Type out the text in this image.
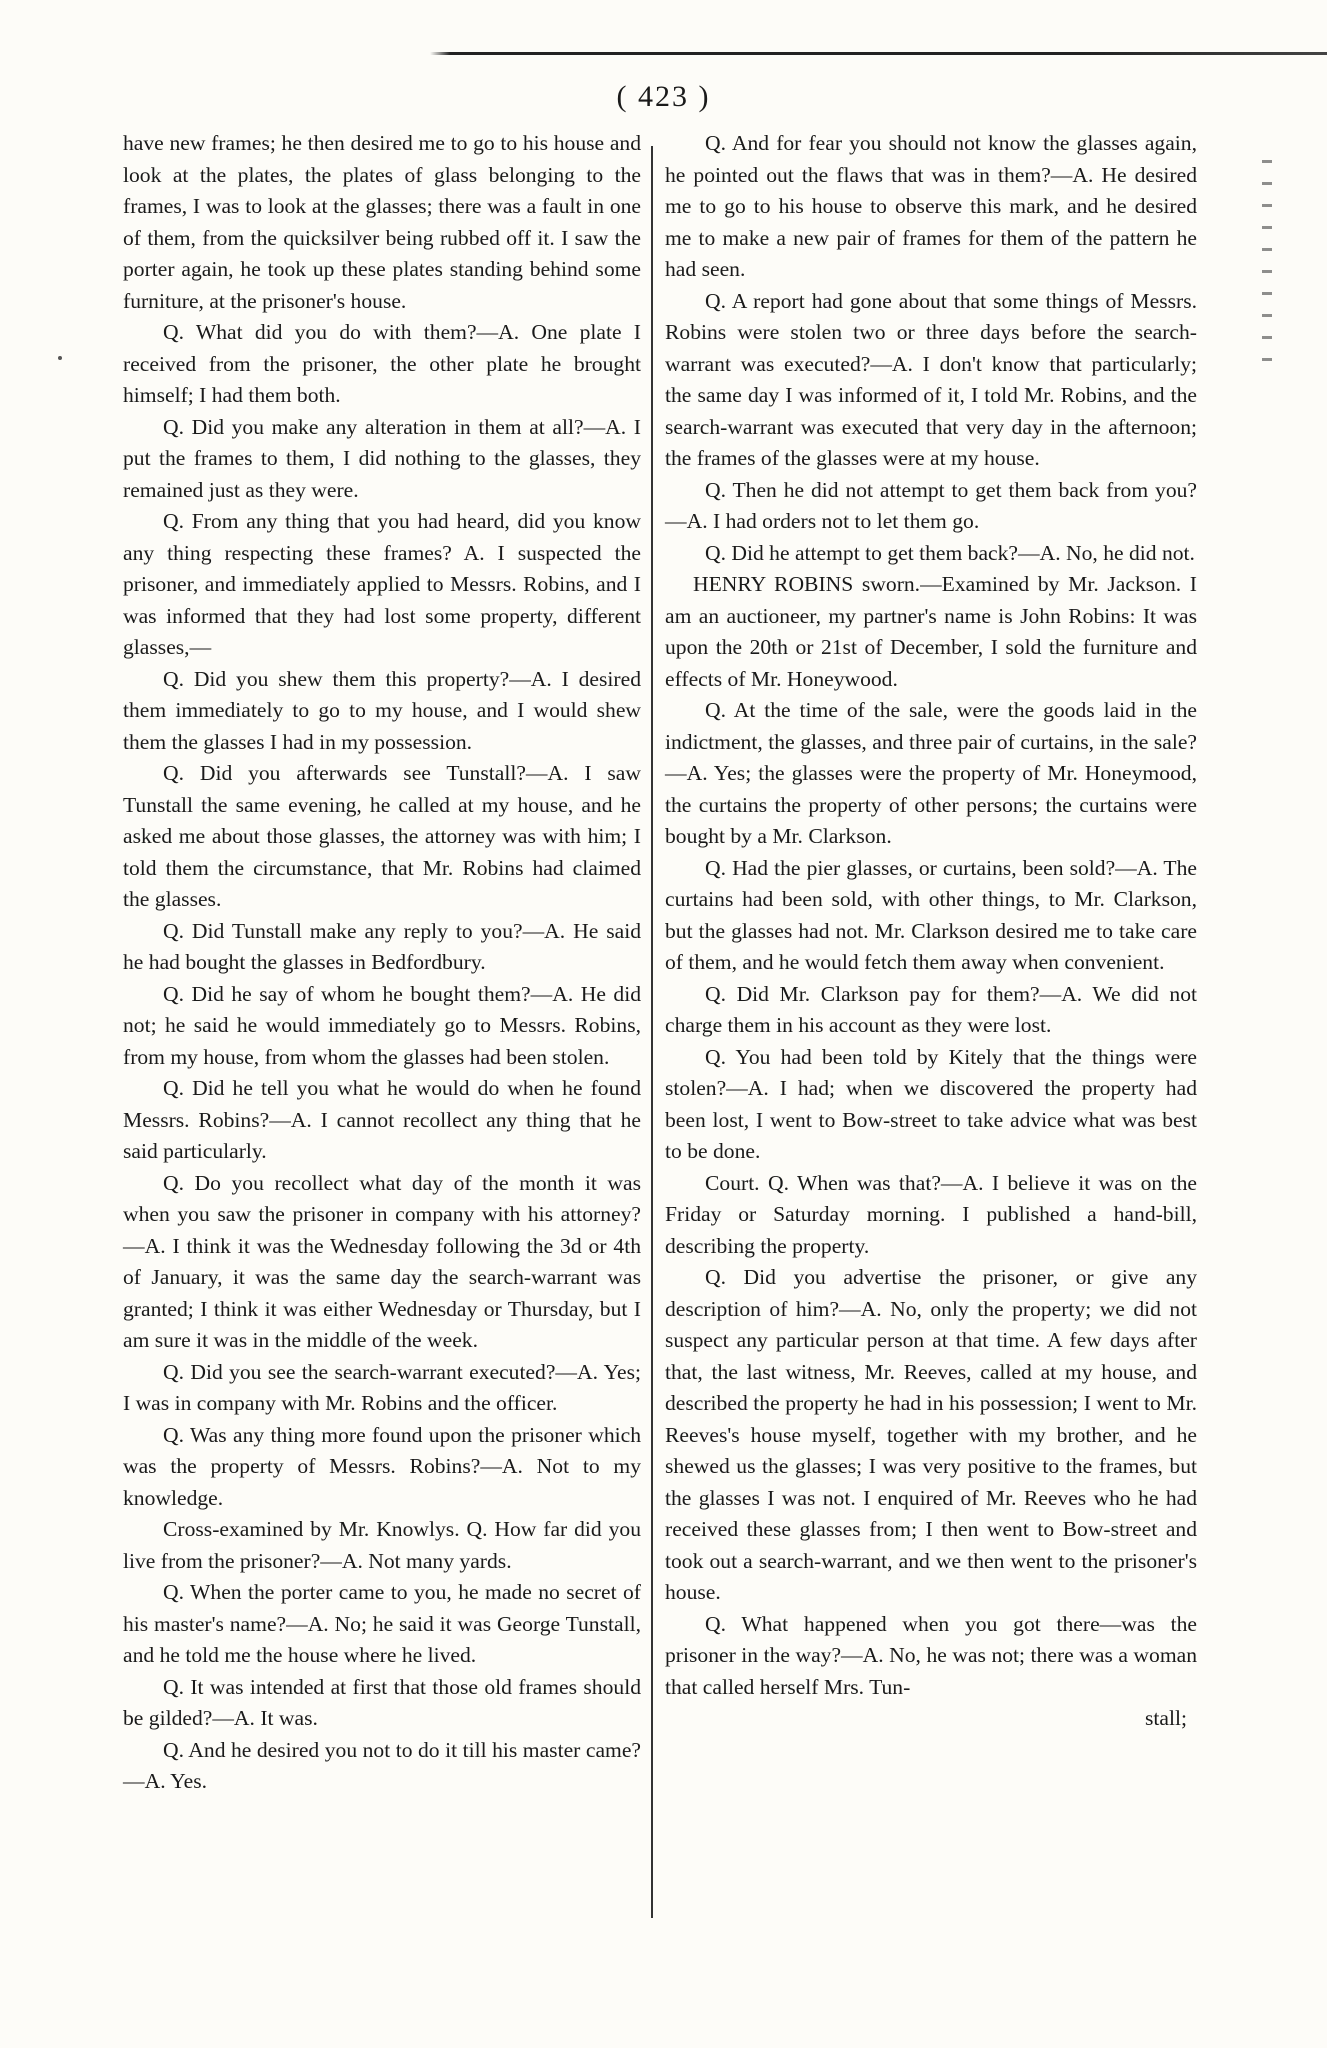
( 423 )

have new frames; he then desired me to go to his house and look at the plates, the plates of glass belonging to the frames, I was to look at the glasses; there was a fault in one of them, from the quicksilver being rubbed off it. I saw the porter again, he took up these plates standing behind some furniture, at the prisoner's house.

Q. What did you do with them?—A. One plate I received from the prisoner, the other plate he brought himself; I had them both.

Q. Did you make any alteration in them at all?—A. I put the frames to them, I did nothing to the glasses, they remained just as they were.

Q. From any thing that you had heard, did you know any thing respecting these frames? A. I suspected the prisoner, and immediately applied to Messrs. Robins, and I was informed that they had lost some property, different glasses,—

Q. Did you shew them this property?—A. I desired them immediately to go to my house, and I would shew them the glasses I had in my possession.

Q. Did you afterwards see Tunstall?—A. I saw Tunstall the same evening, he called at my house, and he asked me about those glasses, the attorney was with him; I told them the circumstance, that Mr. Robins had claimed the glasses.

Q. Did Tunstall make any reply to you?—A. He said he had bought the glasses in Bedfordbury.

Q. Did he say of whom he bought them?—A. He did not; he said he would immediately go to Messrs. Robins, from my house, from whom the glasses had been stolen.

Q. Did he tell you what he would do when he found Messrs. Robins?—A. I cannot recollect any thing that he said particularly.

Q. Do you recollect what day of the month it was when you saw the prisoner in company with his attorney?—A. I think it was the Wednesday following the 3d or 4th of January, it was the same day the search-warrant was granted; I think it was either Wednesday or Thursday, but I am sure it was in the middle of the week.

Q. Did you see the search-warrant executed?—A. Yes; I was in company with Mr. Robins and the officer.

Q. Was any thing more found upon the prisoner which was the property of Messrs. Robins?—A. Not to my knowledge.

Cross-examined by Mr. Knowlys. Q. How far did you live from the prisoner?—A. Not many yards.

Q. When the porter came to you, he made no secret of his master's name?—A. No; he said it was George Tunstall, and he told me the house where he lived.

Q. It was intended at first that those old frames should be gilded?—A. It was.

Q. And he desired you not to do it till his master came?—A. Yes.

Q. And for fear you should not know the glasses again, he pointed out the flaws that was in them?—A. He desired me to go to his house to observe this mark, and he desired me to make a new pair of frames for them of the pattern he had seen.

Q. A report had gone about that some things of Messrs. Robins were stolen two or three days before the search-warrant was executed?—A. I don't know that particularly; the same day I was informed of it, I told Mr. Robins, and the search-warrant was executed that very day in the afternoon; the frames of the glasses were at my house.

Q. Then he did not attempt to get them back from you?—A. I had orders not to let them go.

Q. Did he attempt to get them back?—A. No, he did not.

HENRY ROBINS sworn.—Examined by Mr. Jackson. I am an auctioneer, my partner's name is John Robins: It was upon the 20th or 21st of December, I sold the furniture and effects of Mr. Honeywood.

Q. At the time of the sale, were the goods laid in the indictment, the glasses, and three pair of curtains, in the sale?—A. Yes; the glasses were the property of Mr. Honeymood, the curtains the property of other persons; the curtains were bought by a Mr. Clarkson.

Q. Had the pier glasses, or curtains, been sold?—A. The curtains had been sold, with other things, to Mr. Clarkson, but the glasses had not. Mr. Clarkson desired me to take care of them, and he would fetch them away when convenient.

Q. Did Mr. Clarkson pay for them?—A. We did not charge them in his account as they were lost.

Q. You had been told by Kitely that the things were stolen?—A. I had; when we discovered the property had been lost, I went to Bow-street to take advice what was best to be done.

Court. Q. When was that?—A. I believe it was on the Friday or Saturday morning. I published a hand-bill, describing the property.

Q. Did you advertise the prisoner, or give any description of him?—A. No, only the property; we did not suspect any particular person at that time. A few days after that, the last witness, Mr. Reeves, called at my house, and described the property he had in his possession; I went to Mr. Reeves's house myself, together with my brother, and he shewed us the glasses; I was very positive to the frames, but the glasses I was not. I enquired of Mr. Reeves who he had received these glasses from; I then went to Bow-street and took out a search-warrant, and we then went to the prisoner's house.

Q. What happened when you got there—was the prisoner in the way?—A. No, he was not; there was a woman that called herself Mrs. Tun-

stall;
